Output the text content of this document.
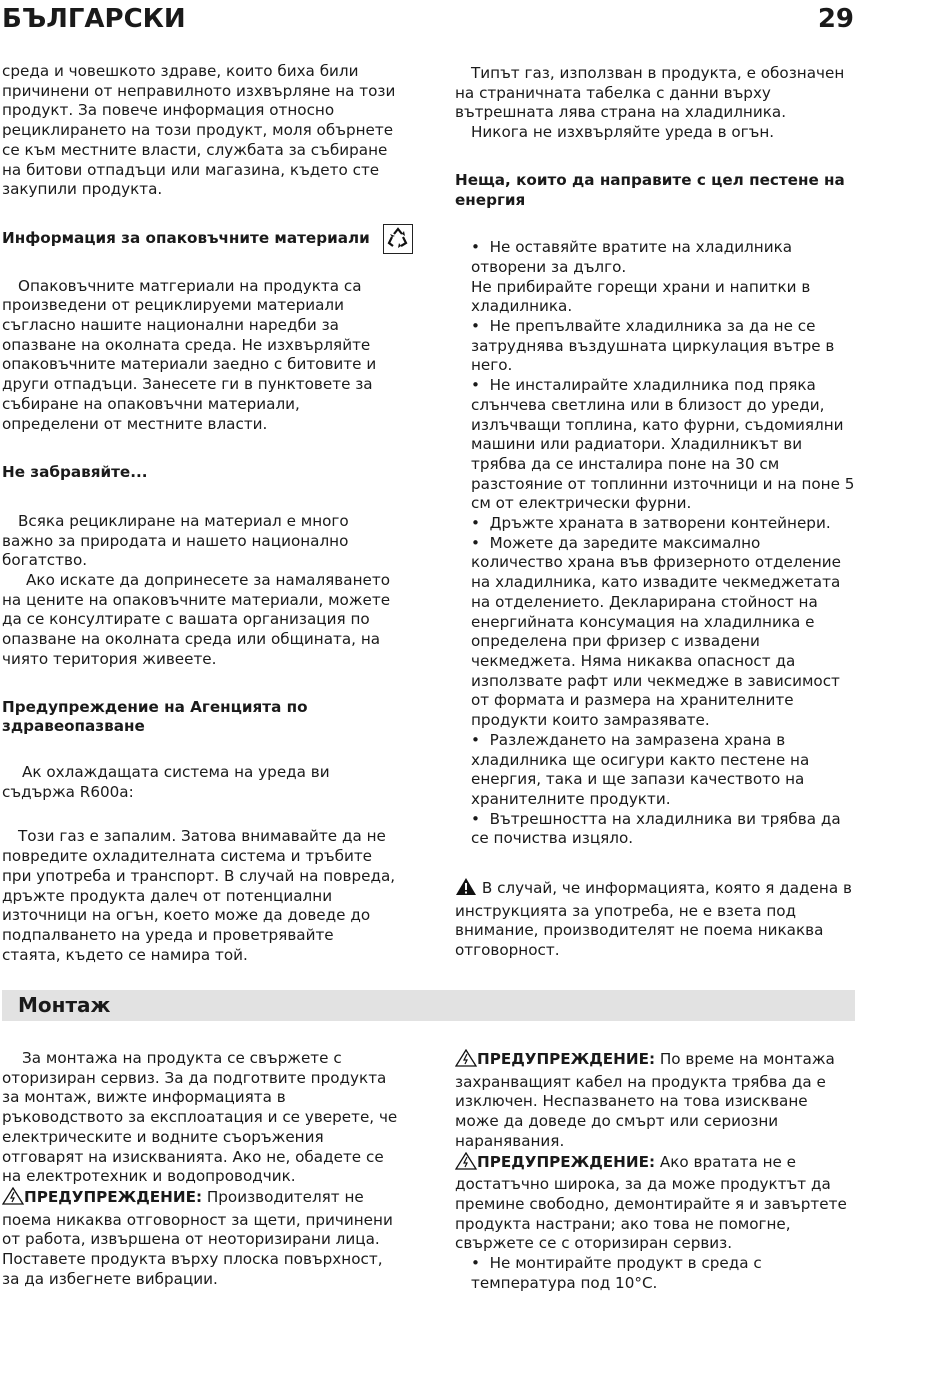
БЪЛГАРСКИ	29

среда и човешкото здраве, които биха били причинени от неправилното изхвърляне на този продукт. За повече информация относно рециклирането на този продукт, моля обърнете се към местните власти, службата за събиране на битови отпадъци или магазина, където сте закупили продукта.

Информация за опаковъчните материали

Опаковъчните матгериали на продукта са произведени от рециклируеми материали съгласно нашите национални наредби за опазване на околната среда. Не изхвърляйте опаковъчните материали заедно с битовите и други отпадъци. Занесете ги в пунктовете за събиране на опаковъчни материали, определени от местните власти.

Не забравяйте...

Всяка рециклиране на материал е много важно за природата и нашето национално богатство.

Ако искате да допринесете за намаляването на цените на опаковъчните материали, можете да се консултирате с вашата организация по опазване на околната среда или общината, на чиято територия живеете.

Предупреждение на Агенцията по здравеопазване

Ак охлаждащата система на уреда ви съдържа R600a:

Този газ е запалим. Затова внимавайте да не повредите охладителната система и тръбите при употреба и транспорт. В случай на повреда, дръжте продукта далеч от потенциални източници на огън, което може да доведе до подпалването на уреда и проветрявайте стаята, където се намира той.

Типът газ, използван в продукта, е обозначен на страничната табелка с данни върху вътрешната лява страна на хладилника.

Никога не изхвърляйте уреда в огън.

Неща, които да направите с цел пестене на енергия

•  Не оставяйте вратите на хладилника отворени за дълго.
Не прибирайте горещи храни и напитки в хладилника.
•  Не препълвайте хладилника за да не се затруднява въздушната циркулация вътре в него.
•  Не инсталирайте хладилника под пряка слънчева светлина или в близост до уреди, излъчващи топлина, като фурни, съдомиялни машини или радиатори. Хладилникът ви трябва да се инсталира поне на 30 см разстояние от топлинни източници и на поне 5 см от електрически фурни.
•  Дръжте храната в затворени контейнери.
•  Можете да заредите максимално количество храна във фризерното отделение на хладилника, като извадите чекмеджетата на отделението. Декларирана стойност на енергийната консумация на хладилника е определена при фризер с извадени чекмеджета. Няма никаква опасност да използвате рафт или чекмедже в зависимост от формата и размера на хранителните продукти които замразявате.
•  Разлеждането на замразена храна в хладилника ще осигури както пестене на енергия, така и ще запази качеството на хранителните продукти.
•  Вътрешността на хладилника ви трябва да се почиства изцяло.

В случай, че информацията, която я дадена в инструкцията за употреба, не е взета под внимание, производителят не поема никаква отговорност.

Монтаж

За монтажа на продукта се свържете с оторизиран сервиз. За да подготвите продукта за монтаж, вижте информацията в ръководството за експлоатация и се уверете, че електрическите и водните съоръжения отговарят на изискванията. Ако не, обадете се на електротехник и водопроводчик.

ПРЕДУПРЕЖДЕНИЕ: Производителят не поема никаква отговорност за щети, причинени от работа, извършена от неоторизирани лица.

Поставете продукта върху плоска повърхност, за да избегнете вибрации.

ПРЕДУПРЕЖДЕНИЕ: По време на монтажа захранващият кабел на продукта трябва да е изключен. Неспазването на това изискване може да доведе до смърт или сериозни наранявания.

ПРЕДУПРЕЖДЕНИЕ: Ако вратата не е достатъчно широка, за да може продуктът да премине свободно, демонтирайте я и завъртете продукта настрани; ако това не помогне, свържете се с оторизиран сервиз.

•  Не монтирайте продукт в среда с температура под 10°C.
